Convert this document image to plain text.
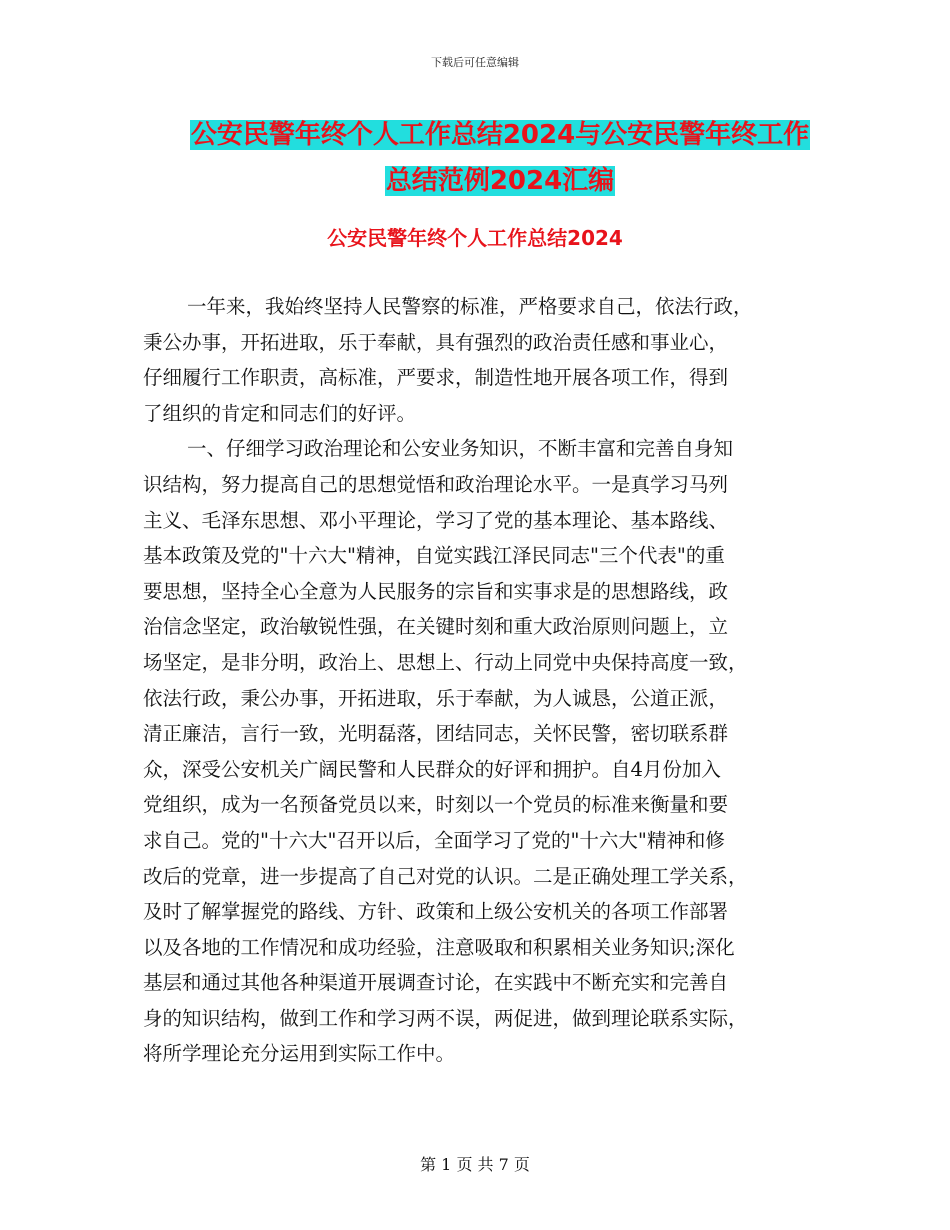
下载后可任意编辑
公安民警年终个人工作总结2024与公安民警年终工作
总结范例2024汇编
公安民警年终个人工作总结2024
一年来，我始终坚持人民警察的标准，严格要求自己，依法行政，
秉公办事，开拓进取，乐于奉献，具有强烈的政治责任感和事业心，
仔细履行工作职责，高标准，严要求，制造性地开展各项工作，得到
了组织的肯定和同志们的好评。
一、仔细学习政治理论和公安业务知识，不断丰富和完善自身知
识结构，努力提高自己的思想觉悟和政治理论水平。一是真学习马列
主义、毛泽东思想、邓小平理论，学习了党的基本理论、基本路线、
基本政策及党的"十六大"精神，自觉实践江泽民同志"三个代表"的重
要思想，坚持全心全意为人民服务的宗旨和实事求是的思想路线，政
治信念坚定，政治敏锐性强，在关键时刻和重大政治原则问题上，立
场坚定，是非分明，政治上、思想上、行动上同党中央保持高度一致，
依法行政，秉公办事，开拓进取，乐于奉献，为人诚恳，公道正派，
清正廉洁，言行一致，光明磊落，团结同志，关怀民警，密切联系群
众，深受公安机关广阔民警和人民群众的好评和拥护。自4月份加入
党组织，成为一名预备党员以来，时刻以一个党员的标准来衡量和要
求自己。党的"十六大"召开以后，全面学习了党的"十六大"精神和修
改后的党章，进一步提高了自己对党的认识。二是正确处理工学关系，
及时了解掌握党的路线、方针、政策和上级公安机关的各项工作部署
以及各地的工作情况和成功经验，注意吸取和积累相关业务知识;深化
基层和通过其他各种渠道开展调查讨论，在实践中不断充实和完善自
身的知识结构，做到工作和学习两不误，两促进，做到理论联系实际，
将所学理论充分运用到实际工作中。
第 1 页 共 7 页
